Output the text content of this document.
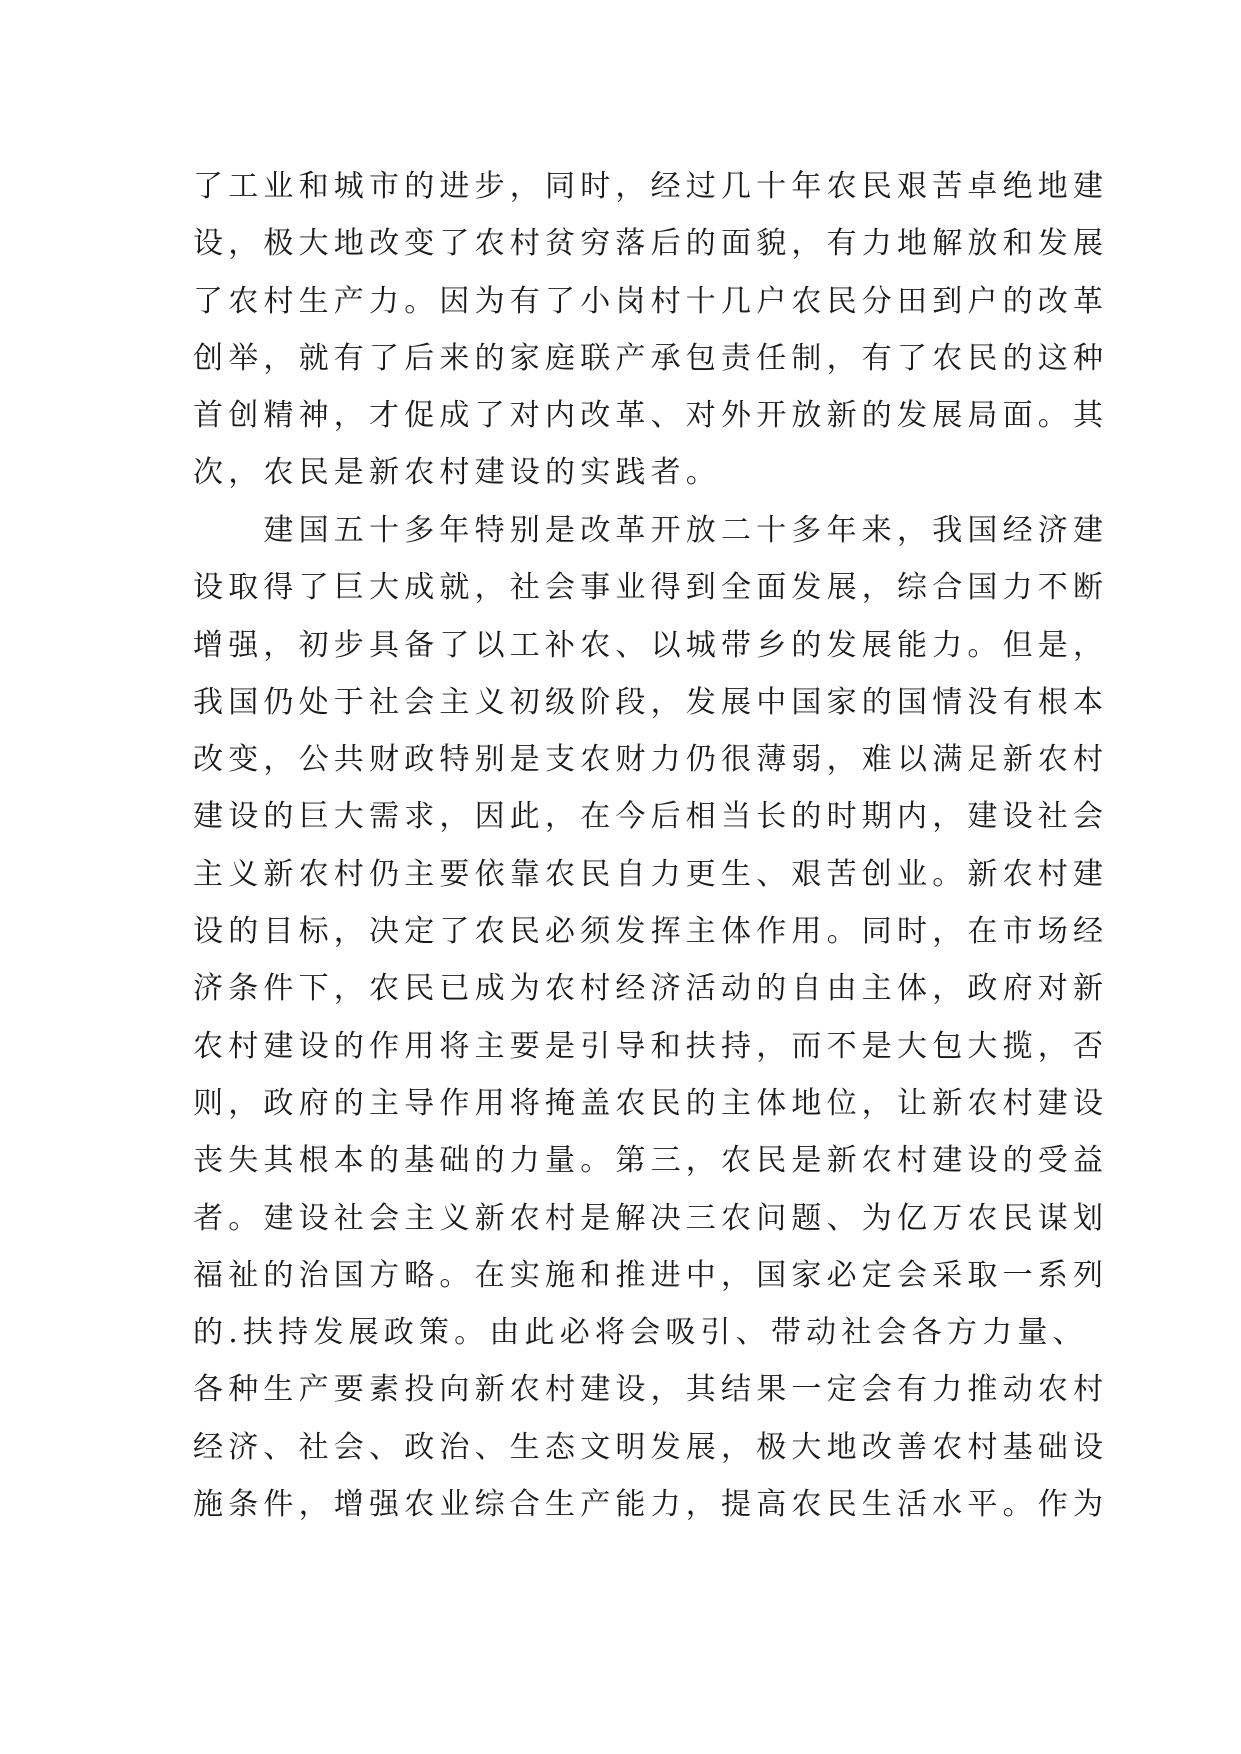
了工业和城市的进步，同时，经过几十年农民艰苦卓绝地建
设，极大地改变了农村贫穷落后的面貌，有力地解放和发展
了农村生产力。因为有了小岗村十几户农民分田到户的改革
创举，就有了后来的家庭联产承包责任制，有了农民的这种
首创精神，才促成了对内改革、对外开放新的发展局面。其
次，农民是新农村建设的实践者。
　　建国五十多年特别是改革开放二十多年来，我国经济建
设取得了巨大成就，社会事业得到全面发展，综合国力不断
增强，初步具备了以工补农、以城带乡的发展能力。但是，
我国仍处于社会主义初级阶段，发展中国家的国情没有根本
改变，公共财政特别是支农财力仍很薄弱，难以满足新农村
建设的巨大需求，因此，在今后相当长的时期内，建设社会
主义新农村仍主要依靠农民自力更生、艰苦创业。新农村建
设的目标，决定了农民必须发挥主体作用。同时，在市场经
济条件下，农民已成为农村经济活动的自由主体，政府对新
农村建设的作用将主要是引导和扶持，而不是大包大揽，否
则，政府的主导作用将掩盖农民的主体地位，让新农村建设
丧失其根本的基础的力量。第三，农民是新农村建设的受益
者。建设社会主义新农村是解决三农问题、为亿万农民谋划
福祉的治国方略。在实施和推进中，国家必定会采取一系列
的.扶持发展政策。由此必将会吸引、带动社会各方力量、
各种生产要素投向新农村建设，其结果一定会有力推动农村
经济、社会、政治、生态文明发展，极大地改善农村基础设
施条件，增强农业综合生产能力，提高农民生活水平。作为
